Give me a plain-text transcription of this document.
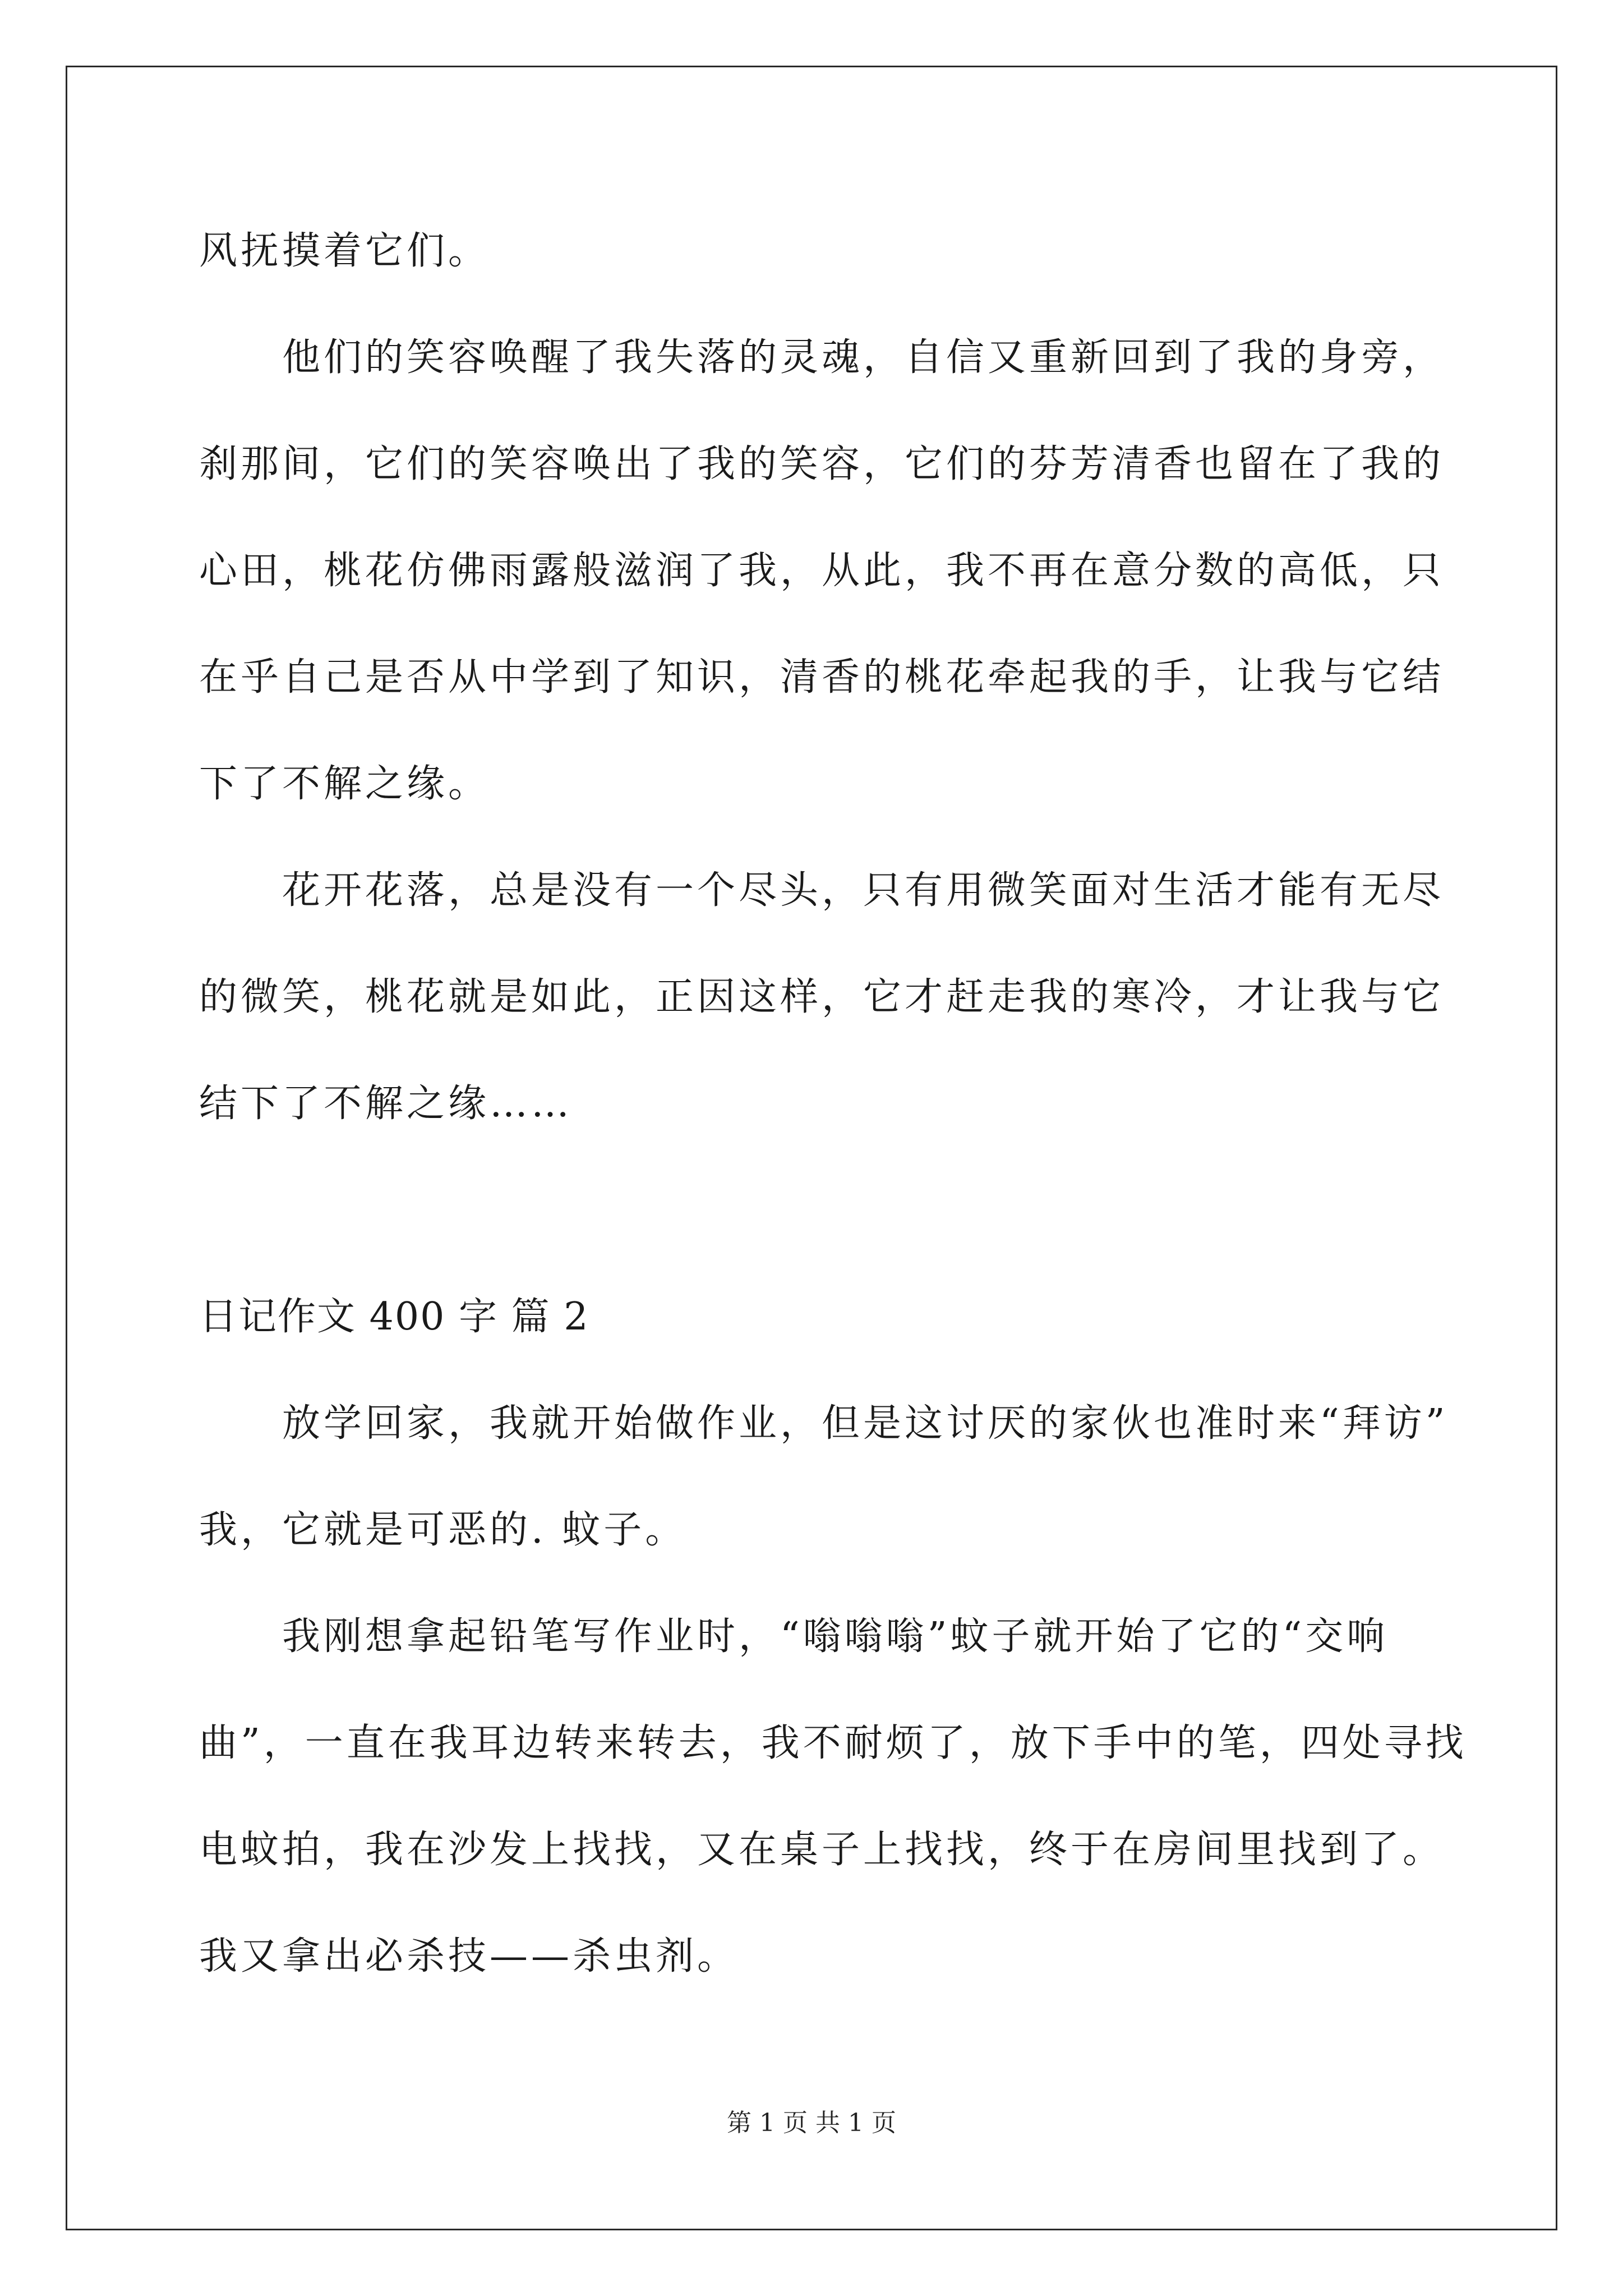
风抚摸着它们。
他们的笑容唤醒了我失落的灵魂，自信又重新回到了我的身旁，
刹那间，它们的笑容唤出了我的笑容，它们的芬芳清香也留在了我的
心田，桃花仿佛雨露般滋润了我，从此，我不再在意分数的高低，只
在乎自己是否从中学到了知识，清香的桃花牵起我的手，让我与它结
下了不解之缘。
花开花落，总是没有一个尽头，只有用微笑面对生活才能有无尽
的微笑，桃花就是如此，正因这样，它才赶走我的寒冷，才让我与它
结下了不解之缘……
日记作文 400 字 篇 2
放学回家，我就开始做作业，但是这讨厌的家伙也准时来“拜访”
我，它就是可恶的. 蚊子。
我刚想拿起铅笔写作业时，“嗡嗡嗡”蚊子就开始了它的“交响
曲”，一直在我耳边转来转去，我不耐烦了，放下手中的笔，四处寻找
电蚊拍，我在沙发上找找，又在桌子上找找，终于在房间里找到了。
我又拿出必杀技——杀虫剂。
第 1 页 共 1 页
